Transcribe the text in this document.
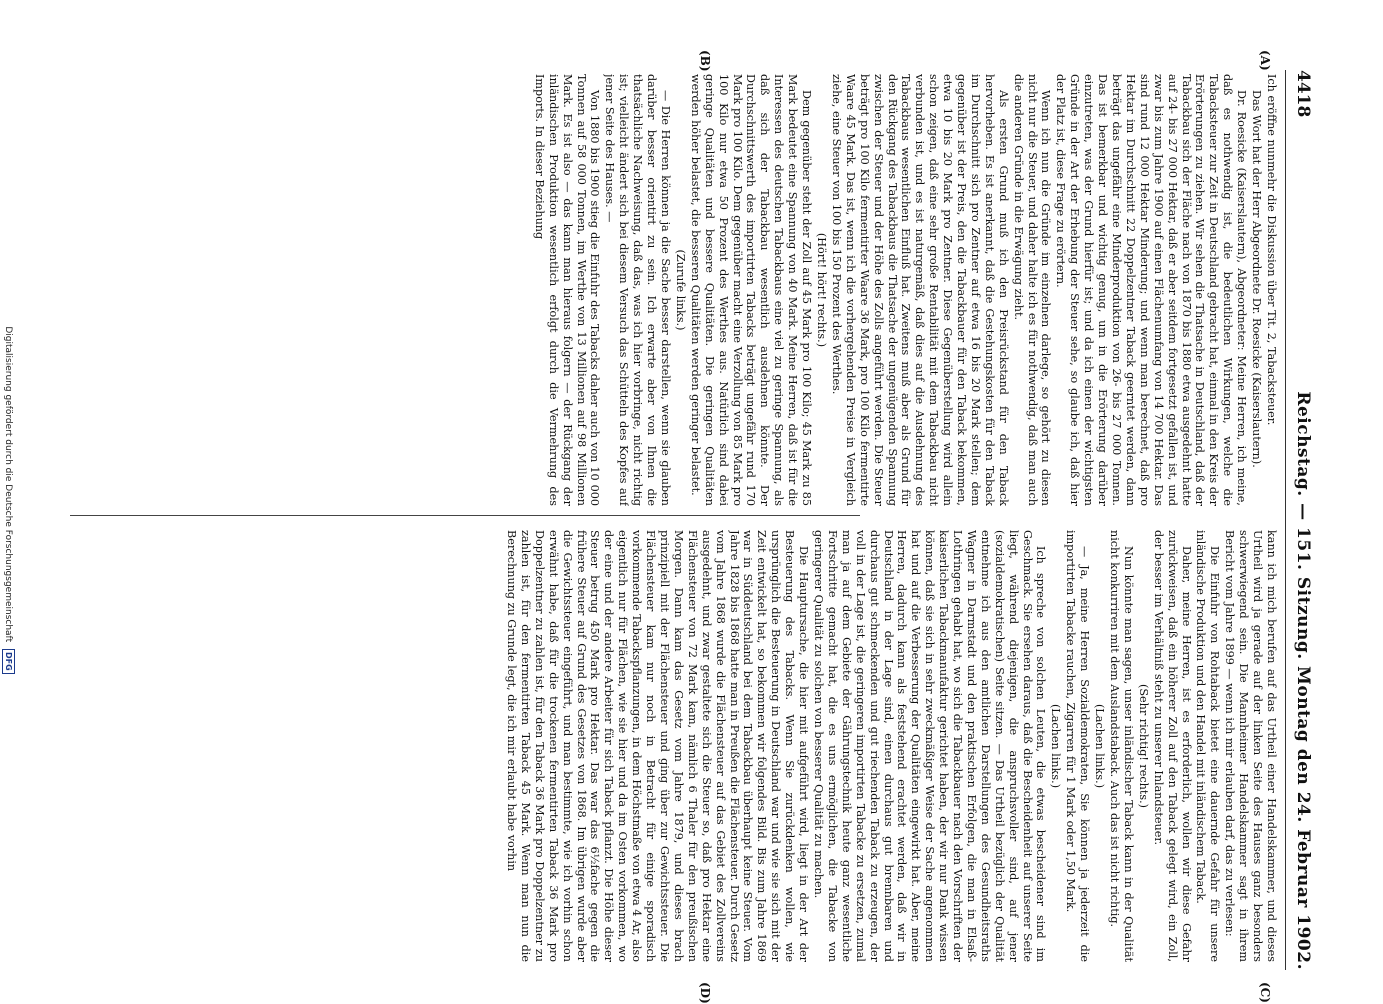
4418
Reichstag. — 151. Sitzung. Montag den 24. Februar 1902.
(A)
(B)
(C)
(D)

Ich eröffne nunmehr die Diskussion über Tit. 2, Tabacksteuer.

Das Wort hat der Herr Abgeordnete Dr. Roesicke (Kaiserslautern).

Dr. Roesicke (Kaiserslautern), Abgeordneter: Meine Herren, ich meine, daß es nothwendig ist, die bedeutlichen Wirkungen, welche die Tabacksteuer zur Zeit in Deutschland gebracht hat, einmal in den Kreis der Erörterungen zu ziehen. Wir sehen die Thatsache in Deutschland, daß der Tabackbau sich der Fläche nach von 1870 bis 1880 etwa ausgedehnt hatte auf 24- bis 27 000 Hektar, daß er aber seitdem fortgesetzt gefallen ist, und zwar bis zum Jahre 1900 auf einen Flächenumfang von 14 700 Hektar. Das sind rund 12 000 Hektar Minderung; und wenn man berechnet, daß pro Hektar im Durchschnitt 22 Doppelzentner Taback geerntet werden, dann beträgt das ungefähr eine Minderproduktion von 26- bis 27 000 Tonnen. Das ist bemerkbar und wichtig genug, um in die Erörterung darüber einzutreten, was der Grund hierfür ist; und da ich einen der wichtigsten Gründe in der Art der Erhebung der Steuer sehe, so glaube ich, daß hier der Platz ist, diese Frage zu erörtern.

Wenn ich nun die Gründe im einzelnen darlege, so gehört zu diesen nicht nur die Steuer, und daher halte ich es für nothwendig, daß man auch die anderen Gründe in die Erwägung zieht.

Als ersten Grund muß ich den Preisrückstand für den Taback hervorheben. Es ist anerkannt, daß die Gestehungskosten für den Taback im Durchschnitt sich pro Zentner auf etwa 16 bis 20 Mark stellen; dem gegenüber ist der Preis, den die Tabackbauer für den Taback bekommen, etwa 10 bis 20 Mark pro Zentner. Diese Gegenüberstellung wird allein schon zeigen, daß eine sehr große Rentabilität mit dem Tabackbau nicht verbunden ist, und es ist naturgemäß, daß dies auf die Ausdehnung des Tabackbaus wesentlichen Einfluß hat. Zweitens muß aber als Grund für den Rückgang des Tabackbaus die Thatsache der ungenügenden Spannung zwischen der Steuer und der Höhe des Zolls angeführt werden. Die Steuer beträgt pro 100 Kilo fermentirter Waare 36 Mark, pro 100 Kilo fermentirte Waare 45 Mark. Das ist, wenn ich die vorhergehenden Preise in Vergleich ziehe, eine Steuer von 100 bis 150 Prozent des Werthes.

(Hört! hört! rechts.)

Dem gegenüber steht der Zoll auf 45 Mark pro 100 Kilo; 45 Mark zu 85 Mark bedeutet eine Spannung von 40 Mark. Meine Herren, daß ist für die Interessen des deutschen Tabackbaus eine viel zu geringe Spannung, als daß sich der Tabackbau wesentlich ausdehnen könnte. Der Durchschnittswerth des importirten Tabacks beträgt ungefähr rund 170 Mark pro 100 Kilo. Dem gegenüber macht eine Verzollung von 85 Mark pro 100 Kilo nur etwa 50 Prozent des Werthes aus. Natürlich sind dabei geringe Qualitäten und bessere Qualitäten. Die geringen Qualitäten werden höher belastet, die besseren Qualitäten werden geringer belastet.

(Zurufe links.)

— Die Herren können ja die Sache besser darstellen, wenn sie glauben darüber besser orientirt zu sein. Ich erwarte aber von Ihnen die thatsächliche Nachweisung, daß das, was ich hier vorbringe, nicht richtig ist; vielleicht ändert sich bei diesem Versuch das Schütteln des Kopfes auf jener Seite des Hauses. —

Von 1880 bis 1900 stieg die Einfuhr des Tabacks daher auch von 10 000 Tonnen auf 58 000 Tonnen, im Werthe von 13 Millionen auf 98 Millionen Mark. Es ist also — das kann man hieraus folgern — der Rückgang der inländischen Produktion wesentlich erfolgt durch die Vermehrung des Imports. In dieser Beziehung

kann ich mich berufen auf das Urtheil einer Handelskammer, und dieses Urtheil wird ja gerade auf der linken Seite des Hauses ganz besonders schwerwiegend sein. Die Mannheimer Handelskammer sagt in ihrem Bericht vom Jahre 1899 — wenn ich mir erlauben darf, das zu verlesen:

Die Einfuhr von Rohtaback bietet eine dauernde Gefahr für unsere inländische Produktion und den Handel mit inländischem Taback.

Daher, meine Herren, ist es erforderlich, wollen wir diese Gefahr zurückweisen, daß ein höherer Zoll auf den Taback gelegt wird, ein Zoll, der besser im Verhältniß steht zu unserer Inlandsteuer.

(Sehr richtig! rechts.)

Nun könnte man sagen, unser inländischer Taback kann in der Qualität nicht konkurriren mit dem Auslandstaback. Auch das ist nicht richtig.

(Lachen links.)

— Ja, meine Herren Sozialdemokraten, Sie können ja jederzeit die importirten Tabacke rauchen, Zigarren für 1 Mark oder 1,50 Mark.

(Lachen links.)

Ich spreche von solchen Leuten, die etwas bescheidener sind im Geschmack. Sie ersehen daraus, daß die Bescheidenheit auf unserer Seite liegt, während diejenigen, die anspruchsvoller sind, auf jener (sozialdemokratischen) Seite sitzen. — Das Urtheil bezüglich der Qualität entnehme ich aus den amtlichen Darstellungen des Gesundheitsraths Wagner in Darmstadt und den praktischen Erfolgen, die man in Elsaß-Lothringen gehabt hat, wo sich die Tabackbauer nach den Vorschriften der kaiserlichen Tabackmanufaktur gerichtet haben, der wir nur Dank wissen können, daß sie sich in sehr zweckmäßiger Weise der Sache angenommen hat und auf die Verbesserung der Qualitäten eingewirkt hat. Aber, meine Herren, dadurch kann als feststehend erachtet werden, daß wir in Deutschland in der Lage sind, einen durchaus gut brennbaren und durchaus gut schmeckenden und gut riechenden Taback zu erzeugen, der voll in der Lage ist, die geringeren importirten Tabacke zu ersetzen, zumal man ja auf dem Gebiete der Gährungstechnik heute ganz wesentliche Fortschritte gemacht hat, die es uns ermöglichen, die Tabacke von geringerer Qualität zu solchen von besserer Qualität zu machen.

Die Hauptursache, die hier mit aufgeführt wird, liegt in der Art der Besteuerung des Tabacks. Wenn Sie zurückdenken wollen, wie ursprünglich die Besteuerung in Deutschland war und wie sie sich mit der Zeit entwickelt hat, so bekommen wir folgendes Bild. Bis zum Jahre 1869 war in Süddeutschland bei dem Tabackbau überhaupt keine Steuer. Vom Jahre 1828 bis 1868 hatte man in Preußen die Flächensteuer. Durch Gesetz vom Jahre 1868 wurde die Flächensteuer auf das Gebiet des Zollvereins ausgedehnt, und zwar gestaltete sich die Steuer so, daß pro Hektar eine Flächensteuer von 72 Mark kam, nämlich 6 Thaler für den preußischen Morgen. Dann kam das Gesetz vom Jahre 1879, und dieses brach prinzipiell mit der Flächensteuer und ging über zur Gewichtssteuer. Die Flächensteuer kam nur noch in Betracht für einige sporadisch vorkommende Tabackspflanzungen, in dem Höchstmaße von etwa 4 Ar, also eigentlich nur für Flächen, wie sie hier und da im Osten vorkommen, wo der eine und der andere Arbeiter für sich Taback pflanzt. Die Höhe dieser Steuer betrug 450 Mark pro Hektar. Das war das 6½fache gegen die frühere Steuer auf Grund des Gesetzes von 1868. Im übrigen wurde aber die Gewichtssteuer eingeführt, und man bestimmte, wie ich vorhin schon erwähnt habe, daß für die trockenen fermentirten Taback 36 Mark pro Doppelzentner zu zahlen ist, für den Taback 36 Mark pro Doppelzentner zu zahlen ist, für den fermentirten Taback 45 Mark. Wenn man nun die Berechnung zu Grunde legt, die ich mir erlaubt habe vorhin

Digitalisierung gefördert durch die Deutsche Forschungsgemeinschaft DFG
